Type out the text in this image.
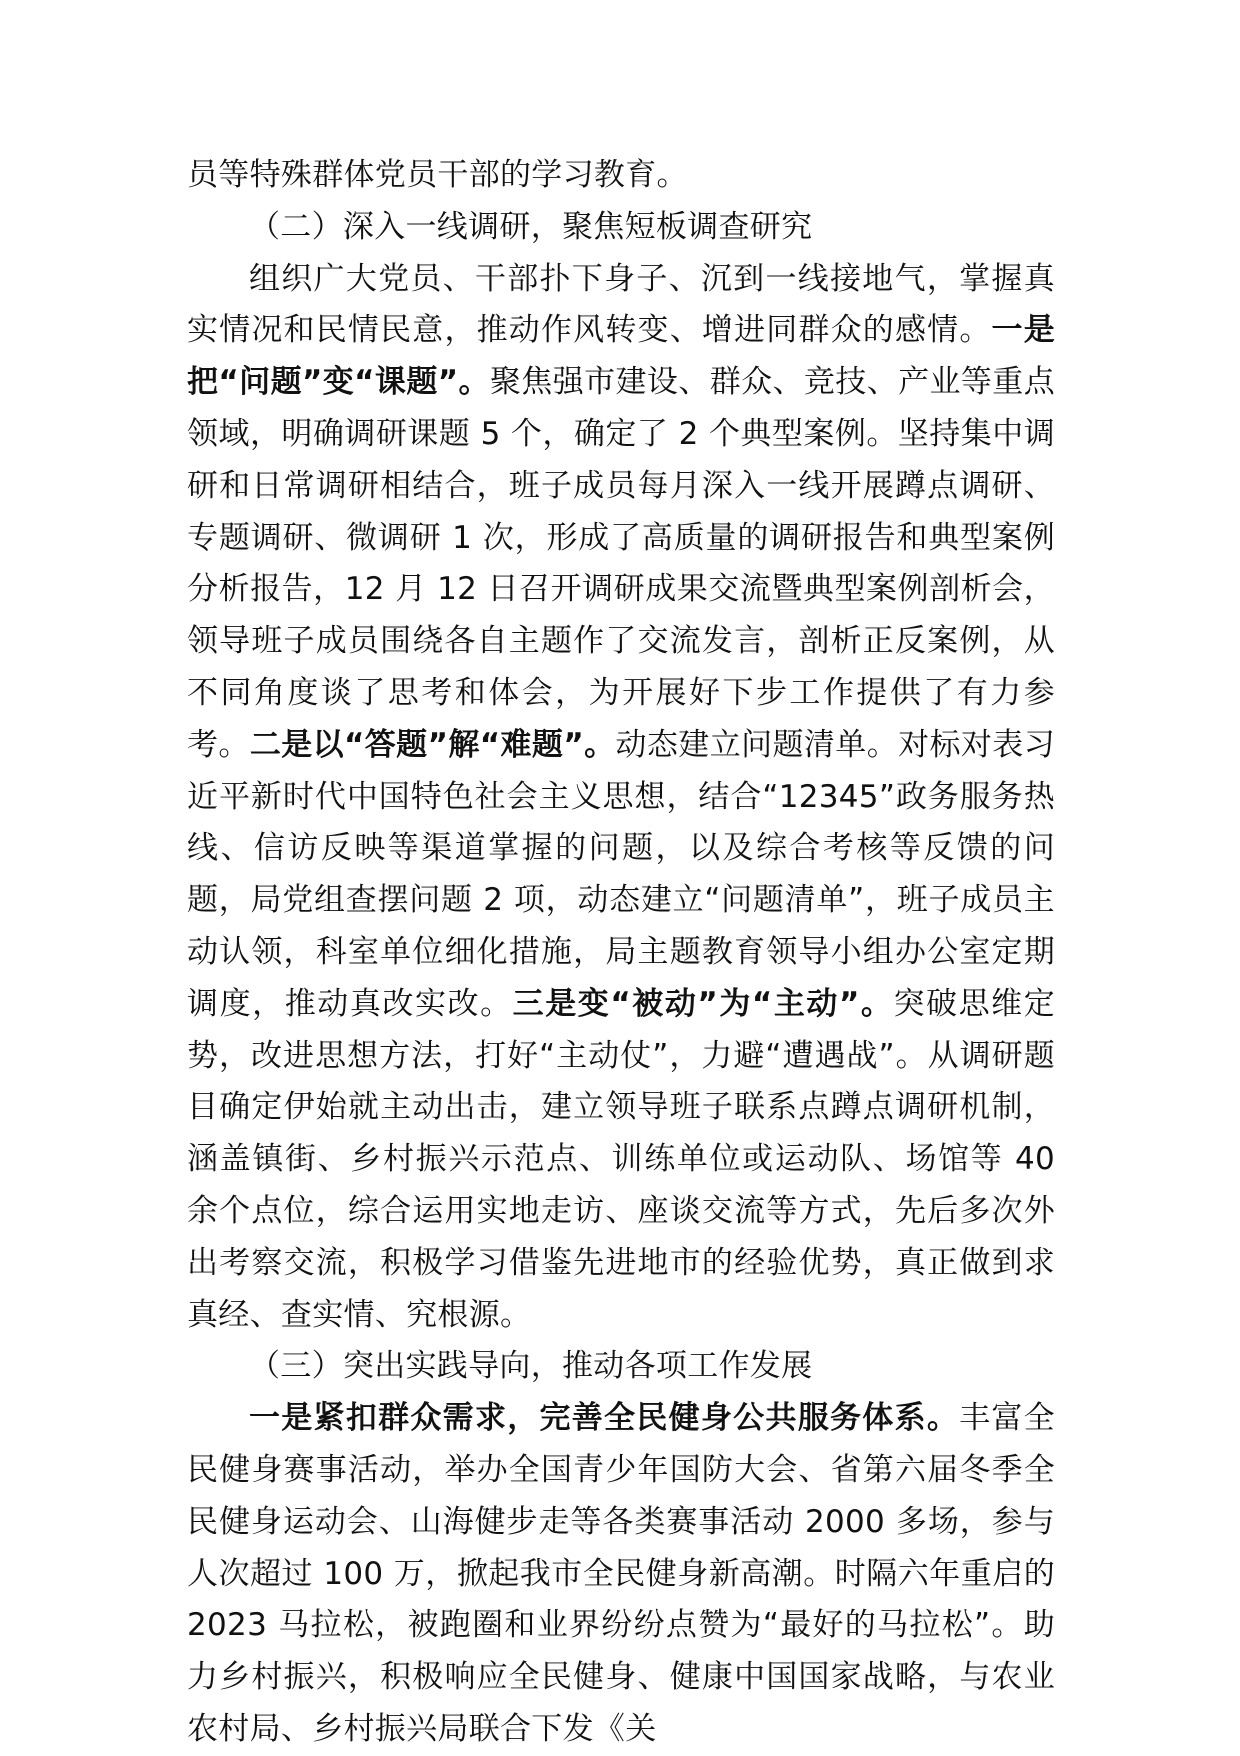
员等特殊群体党员干部的学习教育。

（二）深入一线调研，聚焦短板调查研究

组织广大党员、干部扑下身子、沉到一线接地气，掌握真实情况和民情民意，推动作风转变、增进同群众的感情。一是把“问题”变“课题”。聚焦强市建设、群众、竞技、产业等重点领域，明确调研课题 5 个，确定了 2 个典型案例。坚持集中调研和日常调研相结合，班子成员每月深入一线开展蹲点调研、专题调研、微调研 1 次，形成了高质量的调研报告和典型案例分析报告，12 月 12 日召开调研成果交流暨典型案例剖析会，领导班子成员围绕各自主题作了交流发言，剖析正反案例，从不同角度谈了思考和体会，为开展好下步工作提供了有力参考。二是以“答题”解“难题”。动态建立问题清单。对标对表习近平新时代中国特色社会主义思想，结合“12345”政务服务热线、信访反映等渠道掌握的问题，以及综合考核等反馈的问题，局党组查摆问题 2 项，动态建立“问题清单”，班子成员主动认领，科室单位细化措施，局主题教育领导小组办公室定期调度，推动真改实改。三是变“被动”为“主动”。突破思维定势，改进思想方法，打好“主动仗”，力避“遭遇战”。从调研题目确定伊始就主动出击，建立领导班子联系点蹲点调研机制，涵盖镇街、乡村振兴示范点、训练单位或运动队、场馆等 40 余个点位，综合运用实地走访、座谈交流等方式，先后多次外出考察交流，积极学习借鉴先进地市的经验优势，真正做到求真经、查实情、究根源。

（三）突出实践导向，推动各项工作发展

一是紧扣群众需求，完善全民健身公共服务体系。丰富全民健身赛事活动，举办全国青少年国防大会、省第六届冬季全民健身运动会、山海健步走等各类赛事活动 2000 多场，参与人次超过 100 万，掀起我市全民健身新高潮。时隔六年重启的 2023 马拉松，被跑圈和业界纷纷点赞为“最好的马拉松”。助力乡村振兴，积极响应全民健身、健康中国国家战略，与农业农村局、乡村振兴局联合下发《关
